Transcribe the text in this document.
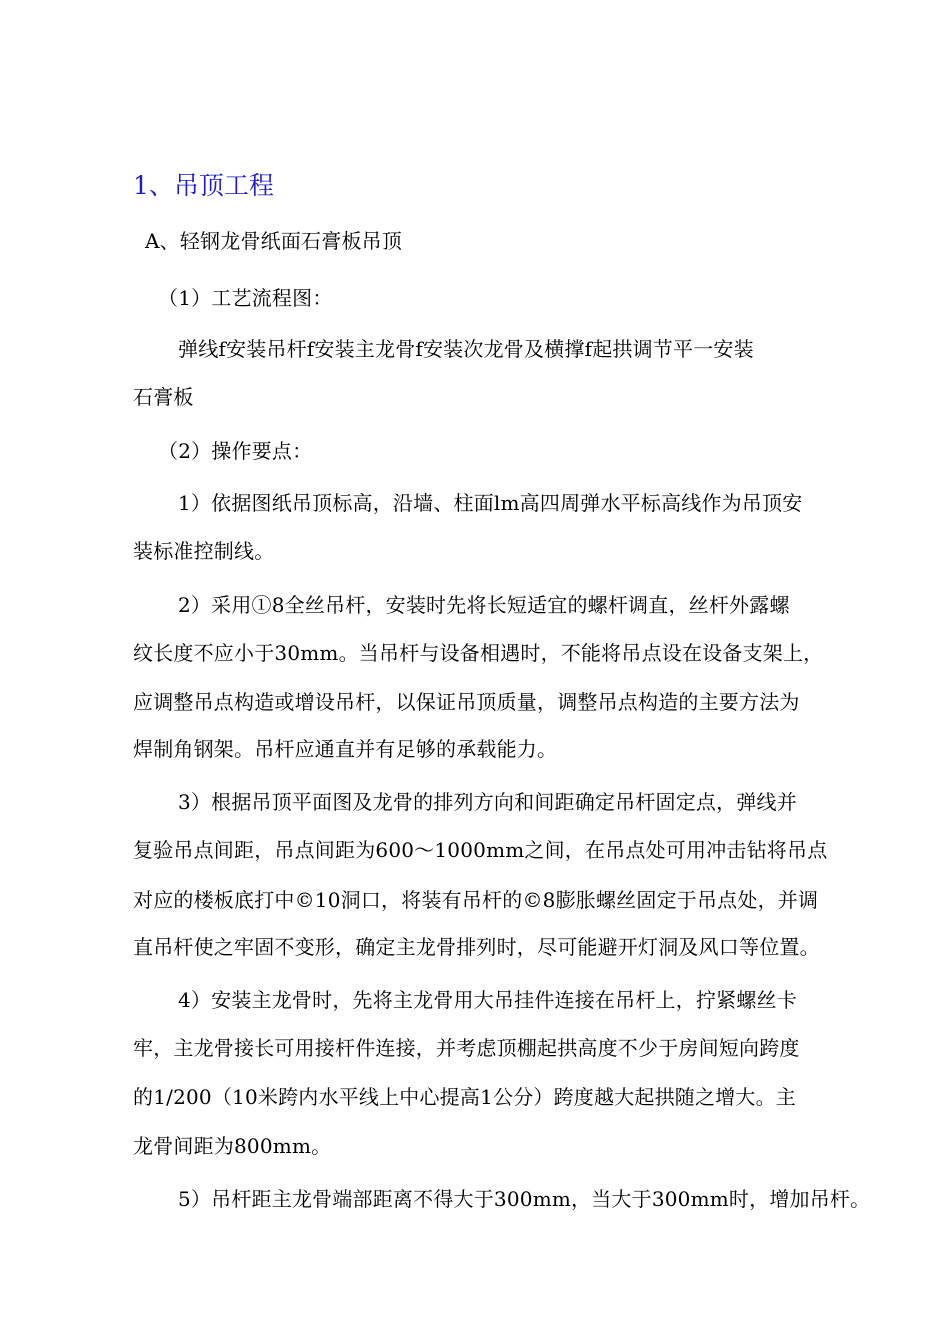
1、吊顶工程
A、轻钢龙骨纸面石膏板吊顶
（1）工艺流程图：
弹线f安装吊杆f安装主龙骨f安装次龙骨及横撑f起拱调节平一安装
石膏板
（2）操作要点：
1）依据图纸吊顶标高，沿墙、柱面lm高四周弹水平标高线作为吊顶安
装标准控制线。
2）采用①8全丝吊杆，安装时先将长短适宜的螺杆调直，丝杆外露螺
纹长度不应小于30mm。当吊杆与设备相遇时，不能将吊点设在设备支架上，
应调整吊点构造或增设吊杆，以保证吊顶质量，调整吊点构造的主要方法为
焊制角钢架。吊杆应通直并有足够的承载能力。
3）根据吊顶平面图及龙骨的排列方向和间距确定吊杆固定点，弹线并
复验吊点间距，吊点间距为600〜1000mm之间，在吊点处可用冲击钻将吊点
对应的楼板底打中©10洞口，将装有吊杆的©8膨胀螺丝固定于吊点处，并调
直吊杆使之牢固不变形，确定主龙骨排列时，尽可能避开灯洞及风口等位置。
4）安装主龙骨时，先将主龙骨用大吊挂件连接在吊杆上，拧紧螺丝卡
牢，主龙骨接长可用接杆件连接，并考虑顶棚起拱高度不少于房间短向跨度
的1/200（10米跨内水平线上中心提高1公分）跨度越大起拱随之增大。主
龙骨间距为800mm。
5）吊杆距主龙骨端部距离不得大于300mm，当大于300mm时，增加吊杆。
